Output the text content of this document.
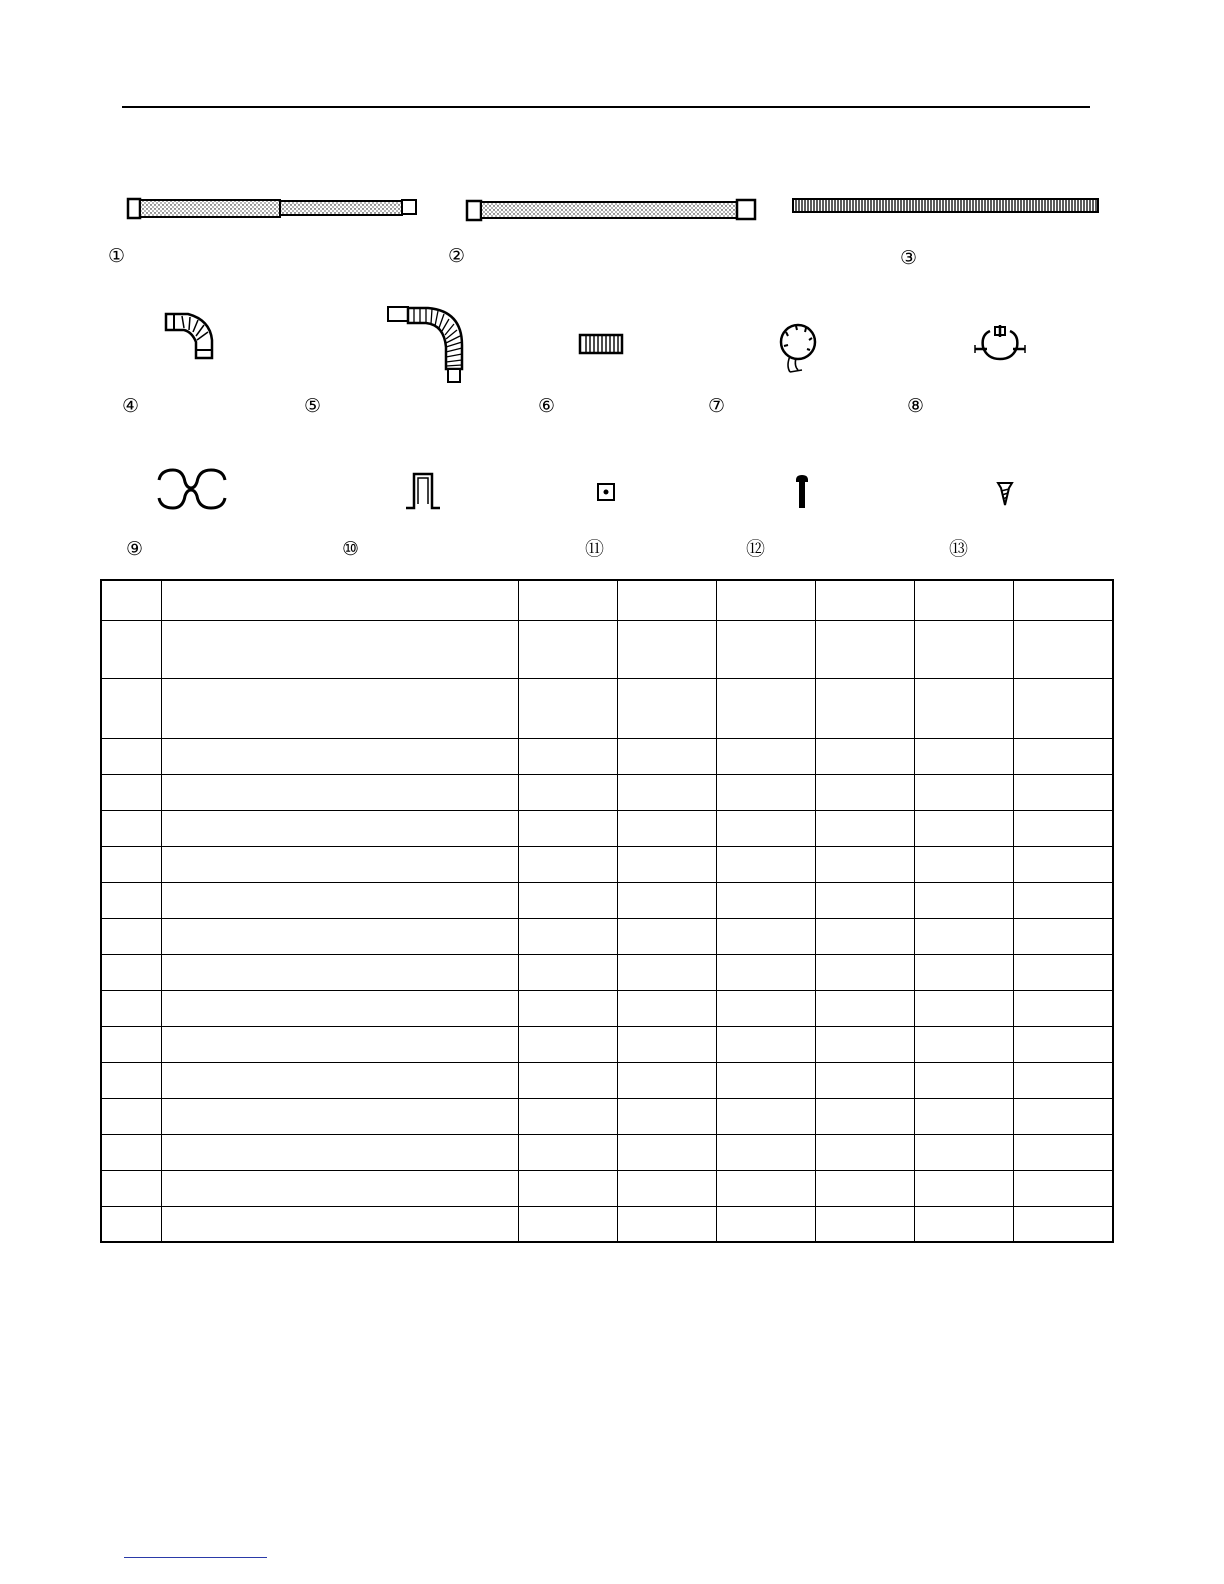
①	②	③
④	⑤	⑥	⑦	⑧
⑨	⑩	⑪	⑫	⑬
